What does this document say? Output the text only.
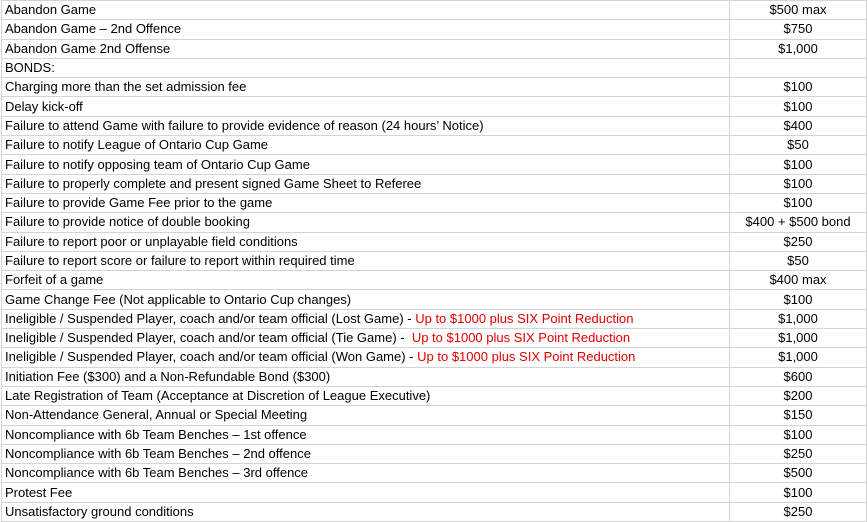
Abandon Game	$500 max
Abandon Game – 2nd Offence	$750
Abandon Game 2nd Offense	$1,000
BONDS:	
Charging more than the set admission fee	$100
Delay kick-off	$100
Failure to attend Game with failure to provide evidence of reason (24 hours’ Notice)	$400
Failure to notify League of Ontario Cup Game	$50
Failure to notify opposing team of Ontario Cup Game	$100
Failure to properly complete and present signed Game Sheet to Referee	$100
Failure to provide Game Fee prior to the game	$100
Failure to provide notice of double booking	$400 + $500 bond
Failure to report poor or unplayable field conditions	$250
Failure to report score or failure to report within required time	$50
Forfeit of a game	$400 max
Game Change Fee (Not applicable to Ontario Cup changes)	$100
Ineligible / Suspended Player, coach and/or team official (Lost Game) - Up to $1000 plus SIX Point Reduction	$1,000
Ineligible / Suspended Player, coach and/or team official (Tie Game) -  Up to $1000 plus SIX Point Reduction	$1,000
Ineligible / Suspended Player, coach and/or team official (Won Game) - Up to $1000 plus SIX Point Reduction	$1,000
Initiation Fee ($300) and a Non-Refundable Bond ($300)	$600
Late Registration of Team (Acceptance at Discretion of League Executive)	$200
Non-Attendance General, Annual or Special Meeting	$150
Noncompliance with 6b Team Benches – 1st offence	$100
Noncompliance with 6b Team Benches – 2nd offence	$250
Noncompliance with 6b Team Benches – 3rd offence	$500
Protest Fee	$100
Unsatisfactory ground conditions	$250
